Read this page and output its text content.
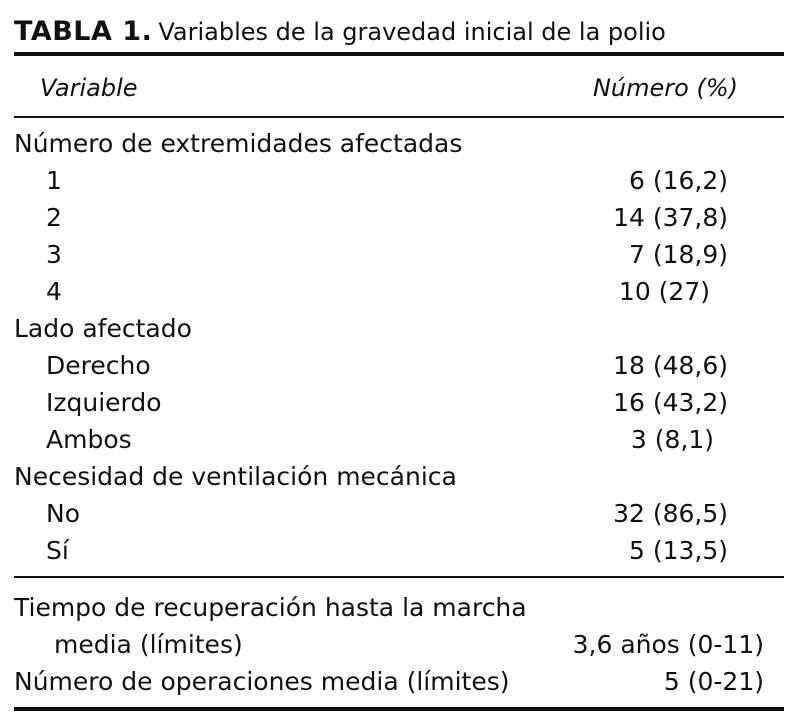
TABLA 1. Variables de la gravedad inicial de la polio
Variable	Número (%)
Número de extremidades afectadas
1	6 (16,2)
2	14 (37,8)
3	7 (18,9)
4	10 (27)
Lado afectado
Derecho	18 (48,6)
Izquierdo	16 (43,2)
Ambos	3 (8,1)
Necesidad de ventilación mecánica
No	32 (86,5)
Sí	5 (13,5)
Tiempo de recuperación hasta la marcha
media (límites)	3,6 años (0-11)
Número de operaciones media (límites)	5 (0-21)
